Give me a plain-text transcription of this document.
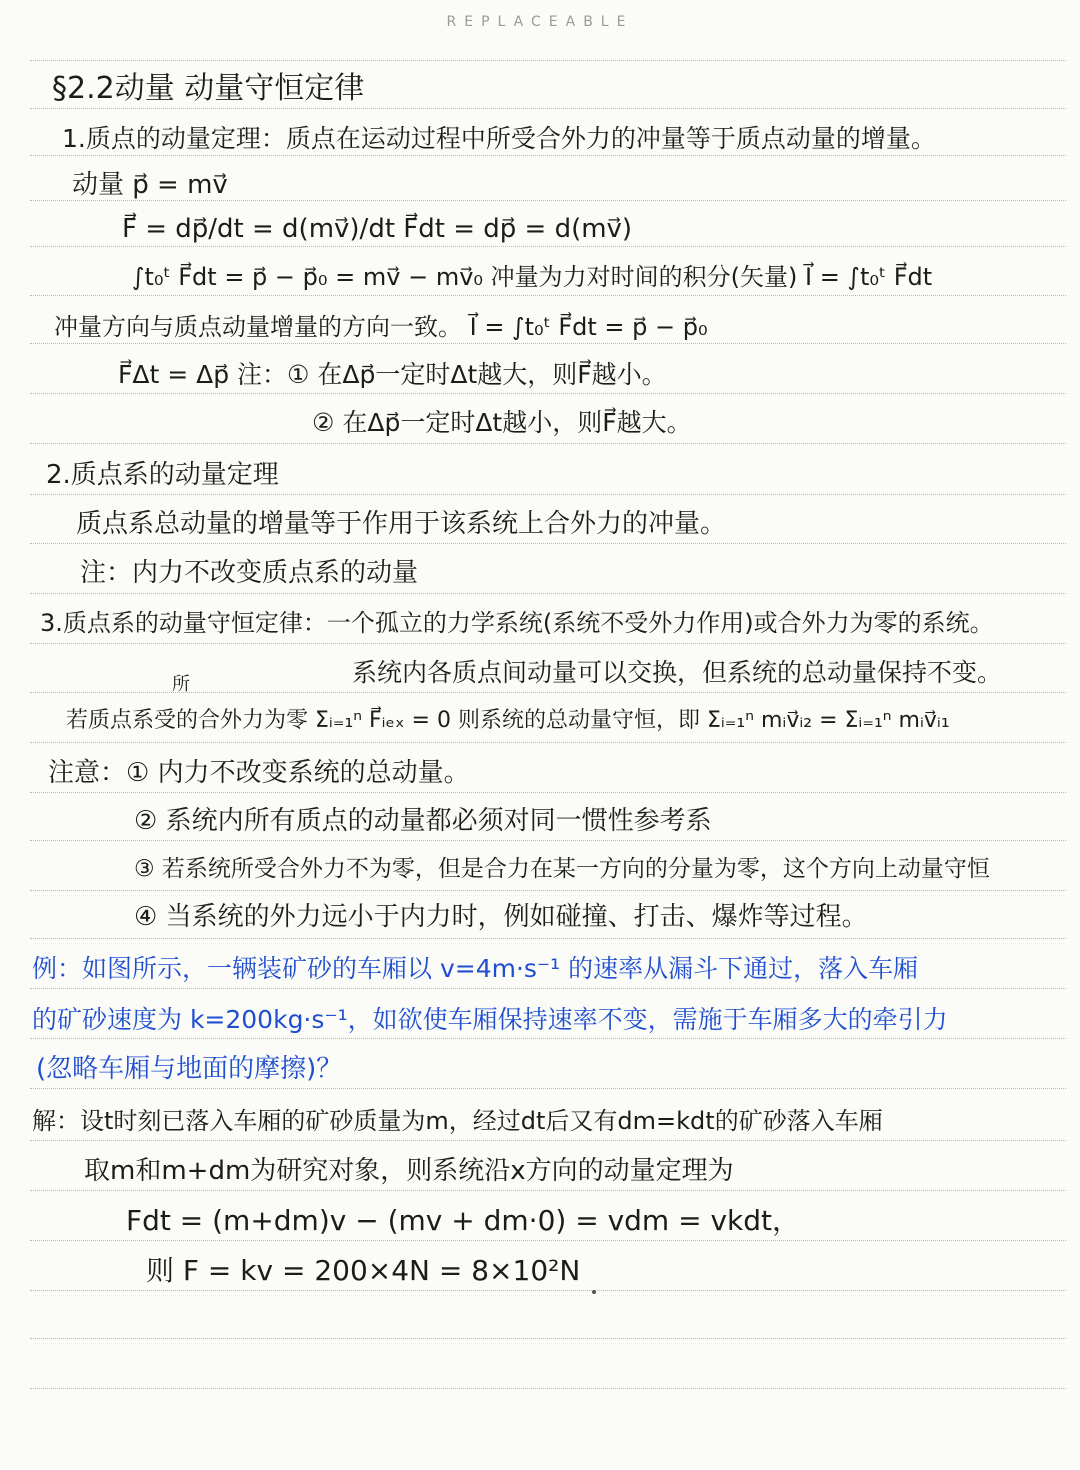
REPLACEABLE
§2.2动量 动量守恒定律
1.质点的动量定理：质点在运动过程中所受合外力的冲量等于质点动量的增量。
动量 p⃗ = mv⃗
F⃗ = dp⃗/dt = d(mv⃗)/dt F⃗dt = dp⃗ = d(mv⃗)
∫t₀ᵗ F⃗dt = p⃗ − p⃗₀ = mv⃗ − mv⃗₀ 冲量为力对时间的积分(矢量) I⃗ = ∫t₀ᵗ F⃗dt
冲量方向与质点动量增量的方向一致。 I⃗ = ∫t₀ᵗ F⃗dt = p⃗ − p⃗₀
F⃗Δt = Δp⃗ 注：① 在Δp⃗一定时Δt越大，则F⃗越小。
② 在Δp⃗一定时Δt越小，则F⃗越大。
2.质点系的动量定理
质点系总动量的增量等于作用于该系统上合外力的冲量。
注：内力不改变质点系的动量
3.质点系的动量守恒定律：一个孤立的力学系统(系统不受外力作用)或合外力为零的系统。
系统内各质点间动量可以交换，但系统的总动量保持不变。
所
若质点系受的合外力为零 Σᵢ₌₁ⁿ F⃗ᵢₑₓ = 0 则系统的总动量守恒，即 Σᵢ₌₁ⁿ mᵢv⃗ᵢ₂ = Σᵢ₌₁ⁿ mᵢv⃗ᵢ₁
注意：① 内力不改变系统的总动量。
② 系统内所有质点的动量都必须对同一惯性参考系
③ 若系统所受合外力不为零，但是合力在某一方向的分量为零，这个方向上动量守恒
④ 当系统的外力远小于内力时，例如碰撞、打击、爆炸等过程。
例：如图所示，一辆装矿砂的车厢以 v=4m·s⁻¹ 的速率从漏斗下通过，落入车厢
的矿砂速度为 k=200kg·s⁻¹，如欲使车厢保持速率不变，需施于车厢多大的牵引力
(忽略车厢与地面的摩擦)？
解：设t时刻已落入车厢的矿砂质量为m，经过dt后又有dm=kdt的矿砂落入车厢
取m和m+dm为研究对象，则系统沿x方向的动量定理为
Fdt = (m+dm)v − (mv + dm·0) = vdm = vkdt，
则 F = kv = 200×4N = 8×10²N
